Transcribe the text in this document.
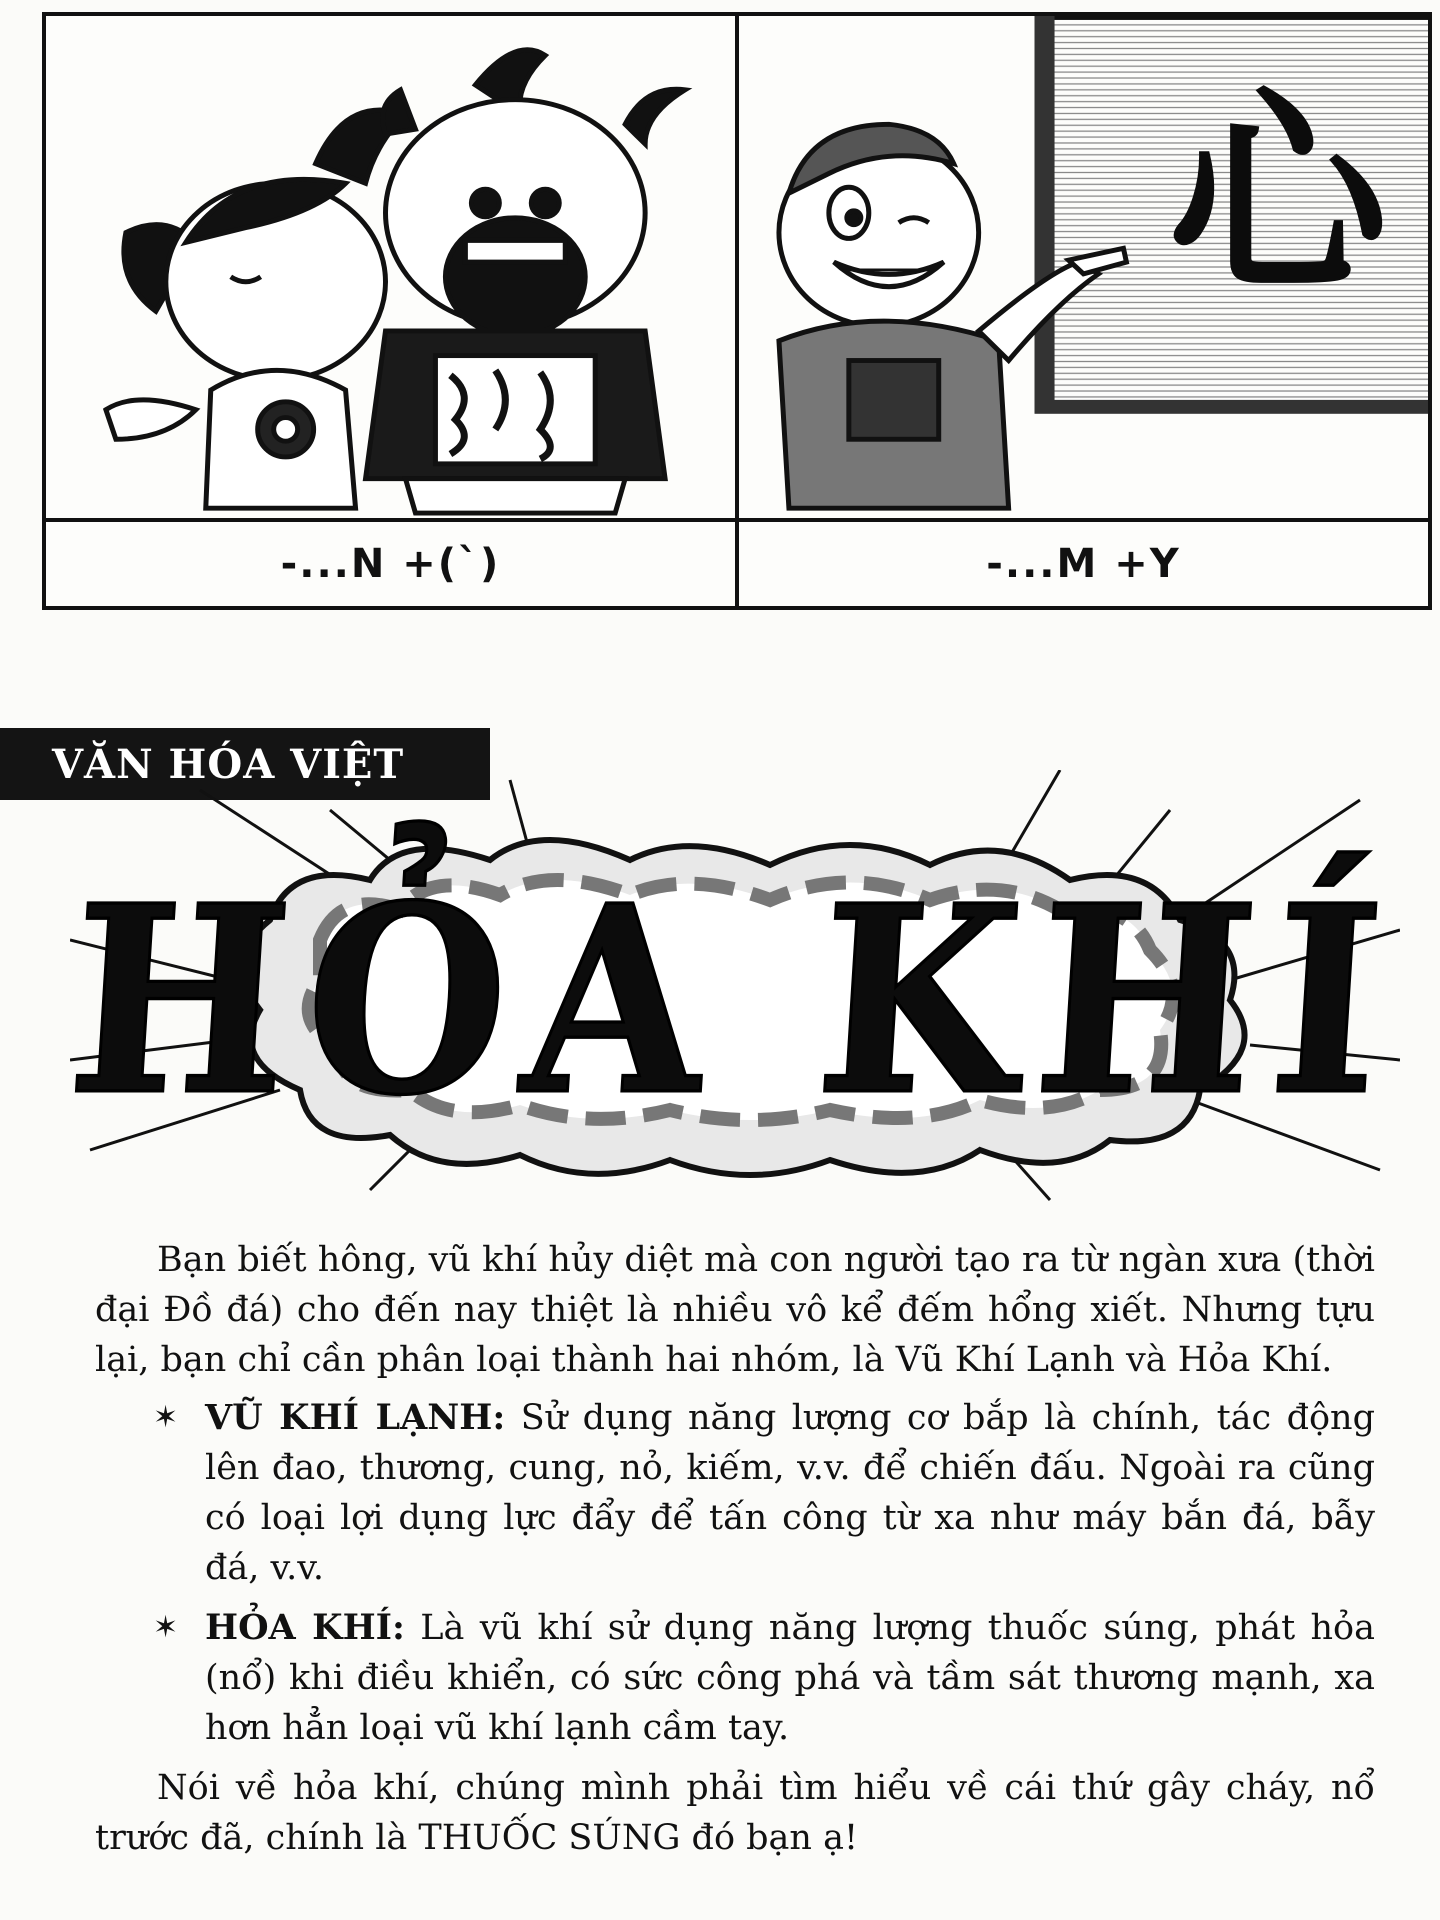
-...N +(`)
心
-...M +Y
VĂN HÓA VIỆT
HỎA KHÍ

Bạn biết hông, vũ khí hủy diệt mà con người tạo ra từ ngàn xưa (thời đại Đồ đá) cho đến nay thiệt là nhiều vô kể đếm hổng xiết. Nhưng tựu lại, bạn chỉ cần phân loại thành hai nhóm, là Vũ Khí Lạnh và Hỏa Khí.

✶ VŨ KHÍ LẠNH: Sử dụng năng lượng cơ bắp là chính, tác động lên đao, thương, cung, nỏ, kiếm, v.v. để chiến đấu. Ngoài ra cũng có loại lợi dụng lực đẩy để tấn công từ xa như máy bắn đá, bẫy đá, v.v.
✶ HỎA KHÍ: Là vũ khí sử dụng năng lượng thuốc súng, phát hỏa (nổ) khi điều khiển, có sức công phá và tầm sát thương mạnh, xa hơn hẳn loại vũ khí lạnh cầm tay.

Nói về hỏa khí, chúng mình phải tìm hiểu về cái thứ gây cháy, nổ trước đã, chính là THUỐC SÚNG đó bạn ạ!
